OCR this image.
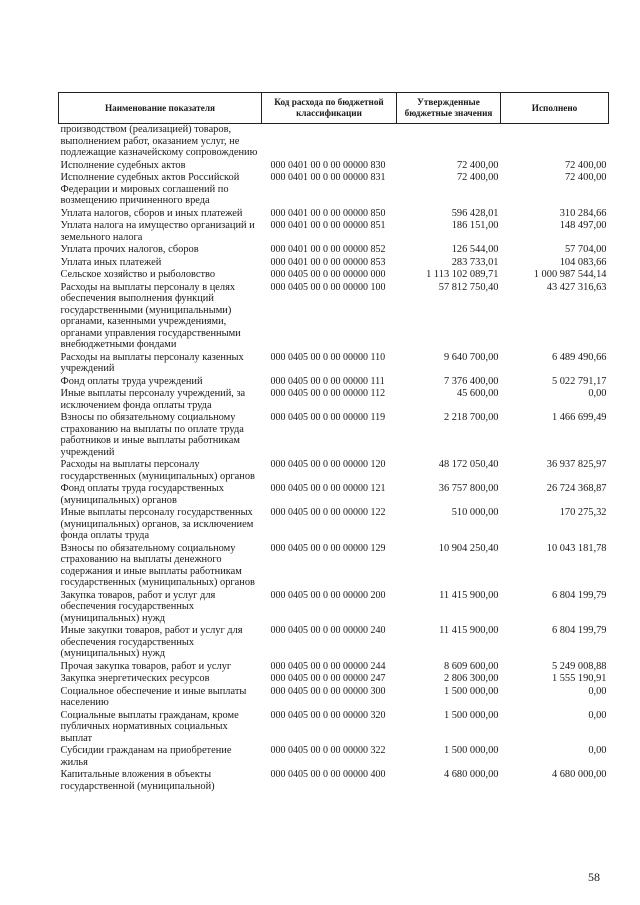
Наименование показателя	Код расхода по бюджетной классификации	Утвержденные бюджетные значения	Исполнено
производством (реализацией) товаров, выполнением работ, оказанием услуг, не подлежащие казначейскому сопровождению			
Исполнение судебных актов	000 0401 00 0 00 00000 830	72 400,00	72 400,00
Исполнение судебных актов Российской Федерации и мировых соглашений по возмещению причиненного вреда	000 0401 00 0 00 00000 831	72 400,00	72 400,00
Уплата налогов, сборов и иных платежей	000 0401 00 0 00 00000 850	596 428,01	310 284,66
Уплата налога на имущество организаций и земельного налога	000 0401 00 0 00 00000 851	186 151,00	148 497,00
Уплата прочих налогов, сборов	000 0401 00 0 00 00000 852	126 544,00	57 704,00
Уплата иных платежей	000 0401 00 0 00 00000 853	283 733,01	104 083,66
Сельское хозяйство и рыболовство	000 0405 00 0 00 00000 000	1 113 102 089,71	1 000 987 544,14
Расходы на выплаты персоналу в целях обеспечения выполнения функций государственными (муниципальными) органами, казенными учреждениями, органами управления государственными внебюджетными фондами	000 0405 00 0 00 00000 100	57 812 750,40	43 427 316,63
Расходы на выплаты персоналу казенных учреждений	000 0405 00 0 00 00000 110	9 640 700,00	6 489 490,66
Фонд оплаты труда учреждений	000 0405 00 0 00 00000 111	7 376 400,00	5 022 791,17
Иные выплаты персоналу учреждений, за исключением фонда оплаты труда	000 0405 00 0 00 00000 112	45 600,00	0,00
Взносы по обязательному социальному страхованию на выплаты по оплате труда работников и иные выплаты работникам учреждений	000 0405 00 0 00 00000 119	2 218 700,00	1 466 699,49
Расходы на выплаты персоналу государственных (муниципальных) органов	000 0405 00 0 00 00000 120	48 172 050,40	36 937 825,97
Фонд оплаты труда государственных (муниципальных) органов	000 0405 00 0 00 00000 121	36 757 800,00	26 724 368,87
Иные выплаты персоналу государственных (муниципальных) органов, за исключением фонда оплаты труда	000 0405 00 0 00 00000 122	510 000,00	170 275,32
Взносы по обязательному социальному страхованию на выплаты денежного содержания и иные выплаты работникам государственных (муниципальных) органов	000 0405 00 0 00 00000 129	10 904 250,40	10 043 181,78
Закупка товаров, работ и услуг для обеспечения государственных (муниципальных) нужд	000 0405 00 0 00 00000 200	11 415 900,00	6 804 199,79
Иные закупки товаров, работ и услуг для обеспечения государственных (муниципальных) нужд	000 0405 00 0 00 00000 240	11 415 900,00	6 804 199,79
Прочая закупка товаров, работ и услуг	000 0405 00 0 00 00000 244	8 609 600,00	5 249 008,88
Закупка энергетических ресурсов	000 0405 00 0 00 00000 247	2 806 300,00	1 555 190,91
Социальное обеспечение и иные выплаты населению	000 0405 00 0 00 00000 300	1 500 000,00	0,00
Социальные выплаты гражданам, кроме публичных нормативных социальных выплат	000 0405 00 0 00 00000 320	1 500 000,00	0,00
Субсидии гражданам на приобретение жилья	000 0405 00 0 00 00000 322	1 500 000,00	0,00
Капитальные вложения в объекты государственной (муниципальной)	000 0405 00 0 00 00000 400	4 680 000,00	4 680 000,00
58
